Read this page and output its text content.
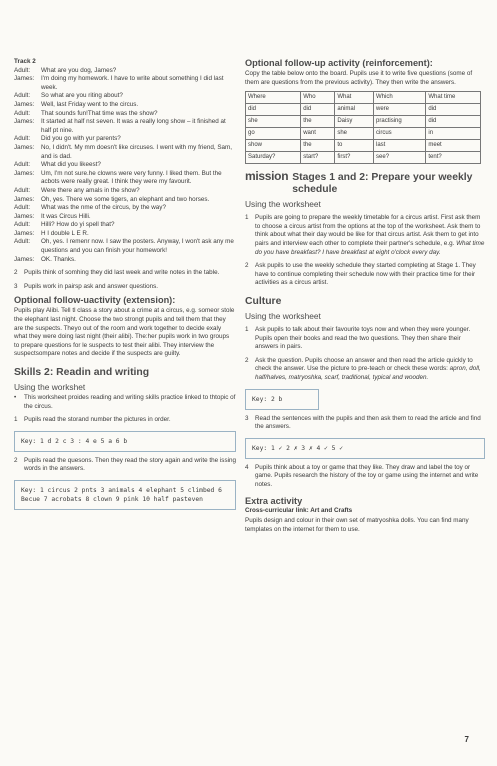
Track 2
Adult:	What are you dog, James?
James:	I'm doing my homework. I have to write about something I did last week.
Adult:	So what are you riting about?
James:	Well, last Friday went to the circus.
Adult:	That sounds fun!That time was the show?
James:	It started at half nst seven. It was a really long show – it finished at half pt nine.
Adult:	Did you go with yur parents?
James:	No, I didn't. My mm doesn't like circuses. I went with my friend, Sam, and is dad.
Adult:	What did you likeest?
James:	Um, I'm not sure.he clowns were very funny. I liked them. But the acbots were really great. I think they were my favourit.
Adult:	Were there any amals in the show?
James:	Oh, yes. There we some tigers, an elephant and two horses.
Adult:	What was the nme of the circus, by the way?
James:	It was Circus Hilli.
Adult:	Hilli? How do yi spell that?
James:	H I double L E R.
Adult:	Oh, yes. I remenr now. I saw the posters. Anyway, I won't ask any me questions and you can finish your homework!
James:	OK. Thanks.
2	Pupils think of somhing they did last week and write notes in the table.
3	Pupils work in pairsp ask and answer questions.
Optional follow-uactivity (extension):
Pupils play Alibi. Tell tl class a story about a crime at a circus, e.g. someor stole the elephant last night. Choose the two strongt pupils and tell them that they are the suspects. Theyo out of the room and work together to decide exaly what they were doing last night (their alibi). The:her pupils work in two groups to prepare questions for le suspects to test their alibi. They interview the suspectsompare notes and decide if the suspects are guilty.
Skills 2: Readin and writing
Using the workshet
•	This worksheet proides reading and writing skills practice linked to thtopic of the circus.
1	Pupils read the storand number the pictures in order.
Key: 1 d 2 c 3 : 4 e 5 a 6 b
2	Pupils read the quesons. Then they read the story again and write the issing words in the answers.
Key: 1 circus 2 pnts 3 animals 4 elephant 5 climbed 6 Becue 7 acrobats 8 clown 9 pink 10 half pasteven
Optional follow-up activity (reinforcement):
Copy the table below onto the board. Pupils use it to write five questions (some of them are questions from the previous activity). They then write the answers.
Where	Who	What	Which	What time
did	did	animal	were	did
she	the	Daisy	practising	did
go	want	she	circus	in
show	the	to	last	meet
Saturday?	start?	first?	see?	tent?
mission Stages 1 and 2: Prepare your weekly schedule
Using the worksheet
1	Pupils are going to prepare the weekly timetable for a circus artist. First ask them to choose a circus artist from the options at the top of the worksheet. Ask them to think about what their day would be like for that circus artist. Ask them to get into pairs and interview each other to complete their partner's schedule, e.g. What time do you have breakfast? I have breakfast at eight o'clock every day.
2	Ask pupils to use the weekly schedule they started completing at Stage 1. They have to continue completing their schedule now with their practice time for their activities as a circus artist.
Culture
Using the worksheet
1	Ask pupils to talk about their favourite toys now and when they were younger. Pupils open their books and read the two questions. They then share their answers in pairs.
2	Ask the question. Pupils choose an answer and then read the article quickly to check the answer. Use the picture to pre-teach or check these words: apron, doll, half/halves, matryoshka, scarf, traditional, typical and wooden.
Key: 2 b
3	Read the sentences with the pupils and then ask them to read the article and find the answers.
Key: 1 ✓ 2 ✗ 3 ✗ 4 ✓ 5 ✓
4	Pupils think about a toy or game that they like. They draw and label the toy or game. Pupils research the history of the toy or game using the internet and write notes.
Extra activity
Cross-curricular link: Art and Crafts
Pupils design and colour in their own set of matryoshka dolls. You can find many templates on the internet for them to use.
7
